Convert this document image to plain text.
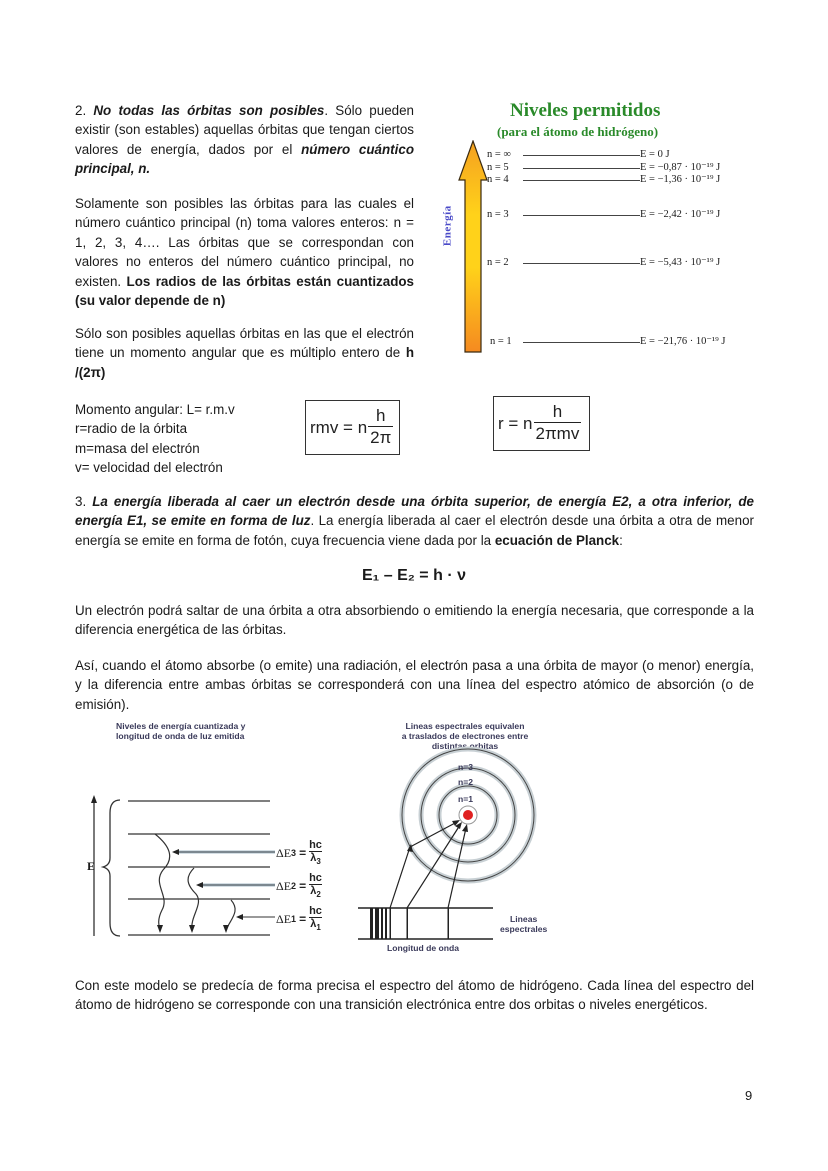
2. No todas las órbitas son posibles. Sólo pueden existir (son estables) aquellas órbitas que tengan ciertos valores de energía, dados por el número cuántico principal, n.
Solamente son posibles las órbitas para las cuales el número cuántico principal (n) toma valores enteros: n = 1, 2, 3, 4…. Las órbitas que se correspondan con valores no enteros del número cuántico principal, no existen. Los radios de las órbitas están cuantizados (su valor depende de n)
Sólo son posibles aquellas órbitas en las que el electrón tiene un momento angular que es múltiplo entero de h /(2π)
Momento angular: L= r.m.v
r=radio de la órbita
m=masa del electrón
v= velocidad del electrón
rmv = n $\frac{h}{2\pi}$	r = n $\frac{h}{\text{2πmv}}$
Niveles permitidos
(para el átomo de hidrógeno)
Energía
n = ∞	E = 0 J
n = 5	E = −0,87 · 10⁻¹⁹ J
n = 4	E = −1,36 · 10⁻¹⁹ J
n = 3	E = −2,42 · 10⁻¹⁹ J
n = 2	E = −5,43 · 10⁻¹⁹ J
n = 1	E = −21,76 · 10⁻¹⁹ J
3. La energía liberada al caer un electrón desde una órbita superior, de energía E2, a otra inferior, de energía E1, se emite en forma de luz. La energía liberada al caer el electrón desde una órbita a otra de menor energía se emite en forma de fotón, cuya frecuencia viene dada por la ecuación de Planck:
E₁ – E₂ = h · ν
Un electrón podrá saltar de una órbita a otra absorbiendo o emitiendo la energía necesaria, que corresponde a la diferencia energética de las órbitas.
Así, cuando el átomo absorbe (o emite) una radiación, el electrón pasa a una órbita de mayor (o menor) energía, y la diferencia entre ambas órbitas se corresponderá con una línea del espectro atómico de absorción (o de emisión).
Niveles de energía cuantizada y
longitud de onda de luz emitida
E
ΔE $3 = \frac{hc}{\lambda_3}$
ΔE $2 = \frac{hc}{\lambda_2}$
ΔE $1 = \frac{hc}{\lambda_1}$
Lineas espectrales equivalen
a traslados de electrones entre
distintas orbitas
n=3
n=2
n=1
Lineas
espectrales
Longitud de onda
Con este modelo se predecía de forma precisa el espectro del átomo de hidrógeno. Cada línea del espectro del átomo de hidrógeno se corresponde con una transición electrónica entre dos orbitas o niveles energéticos.
9
